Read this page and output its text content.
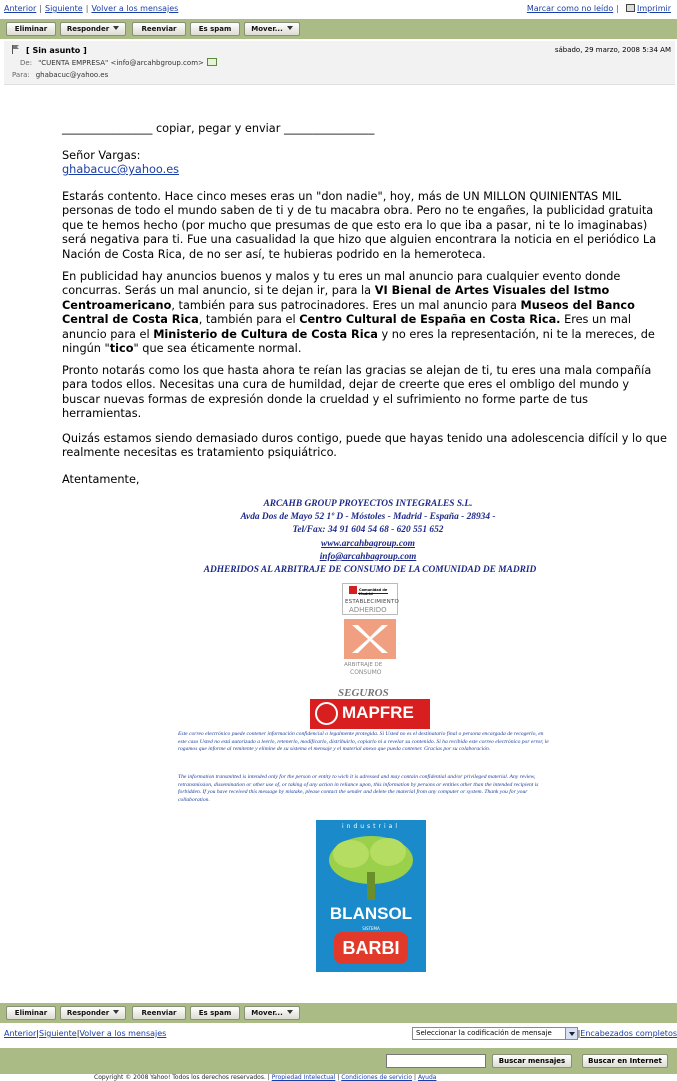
Anterior | Siguiente | Volver a los mensajes	Marcar como no leído | Imprimir
Eliminar	Responder	Reenviar	Es spam	Mover...
[ Sin asunto ]	sábado, 29 marzo, 2008 5:34 AM
De: "CUENTA EMPRESA" <info@arcahbgroup.com>
Para: ghabacuc@yahoo.es

________________ copiar, pegar y enviar ________________

Señor Vargas:

ghabacuc@yahoo.es

Estarás contento. Hace cinco meses eras un "don nadie", hoy, más de UN MILLON QUINIENTAS MIL personas de todo el mundo saben de ti y de tu macabra obra. Pero no te engañes, la publicidad gratuita que te hemos hecho (por mucho que presumas de que esto era lo que iba a pasar, ni te lo imaginabas) será negativa para ti. Fue una casualidad la que hizo que alguien encontrara la noticia en el periódico La Nación de Costa Rica, de no ser así, te hubieras podrido en la hemeroteca.

En publicidad hay anuncios buenos y malos y tu eres un mal anuncio para cualquier evento donde concurras. Serás un mal anuncio, si te dejan ir, para la VI Bienal de Artes Visuales del Istmo Centroamericano, también para sus patrocinadores. Eres un mal anuncio para Museos del Banco Central de Costa Rica, también para el Centro Cultural de España en Costa Rica. Eres un mal anuncio para el Ministerio de Cultura de Costa Rica y no eres la representación, ni te la mereces, de ningún "tico" que sea éticamente normal.

Pronto notarás como los que hasta ahora te reían las gracias se alejan de ti, tu eres una mala compañía para todos ellos. Necesitas una cura de humildad, dejar de creerte que eres el ombligo del mundo y buscar nuevas formas de expresión donde la crueldad y el sufrimiento no forme parte de tus herramientas.

Quizás estamos siendo demasiado duros contigo, puede que hayas tenido una adolescencia difícil y lo que realmente necesitas es tratamiento psiquiátrico.

Atentamente,

ARCAHB GROUP PROYECTOS INTEGRALES S.L.
Avda Dos de Mayo 52 1º D - Móstoles - Madrid - España - 28934 -
Tel/Fax: 34 91 604 54 68 - 620 551 652
www.arcahbagroup.com
info@arcahbagroup.com
ADHERIDOS AL ARBITRAJE DE CONSUMO DE LA COMUNIDAD DE MADRID
Comunidad de Madrid
ESTABLECIMIENTO
ADHERIDO
ARBITRAJE DE
CONSUMO
SEGUROS
MAPFRE
Este correo electrónico puede contener información confidencial o legalmente protegida. Si Usted no es el destinatario final o persona encargada de recogerlo, en este caso Usted no está autorizado a leerlo, retenerlo, modificarlo, distribuirlo, copiarlo ni a revelar su contenido. Si ha recibido este correo electrónico por error, le rogamos que informe al remitente y elimine de su sistema el mensaje y el material anexo que pueda contener. Gracias por su colaboración.
The information transmitted is intended only for the person or entity to wich it is adressed and may contain confidential and/or privileged material. Any review, retransmission, dissemination or other use of, or taking of any action in reliance upon, this information by persons or entities other than the intended recipient is forbidden. If you have received this message by mistake, please contact the sender and delete the material from any computer or system. Thank you for your collaboration.
industrial
BLANSOL
SISTEMA
BARBI
Eliminar	Responder	Reenviar	Es spam	Mover...
Anterior|Siguiente|Volver a los mensajes	|Encabezados completos
Seleccionar la codificación de mensaje
Buscar mensajes	Buscar en Internet
Copyright © 2008 Yahoo! Todos los derechos reservados. | Propiedad Intelectual | Condiciones de servicio | Ayuda
